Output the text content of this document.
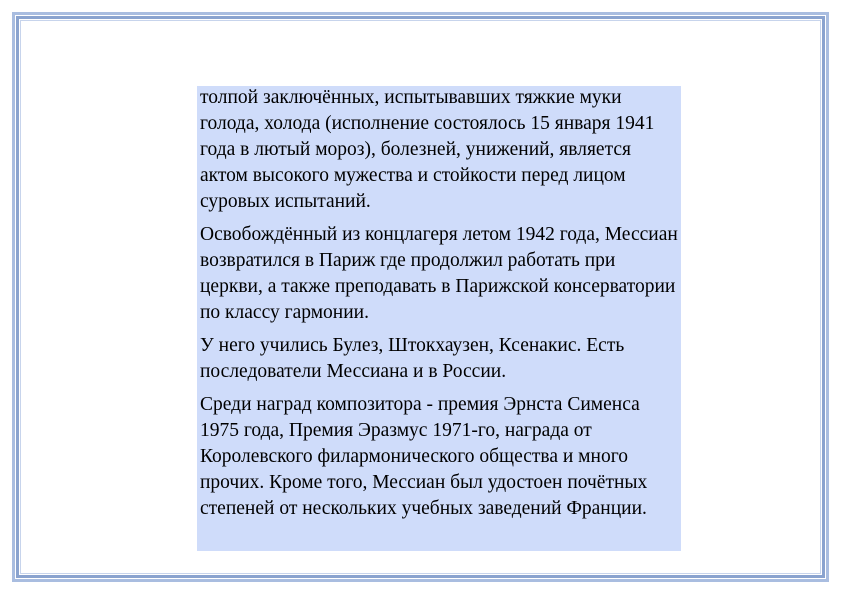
толпой заключённых, испытывавших тяжкие муки голода, холода (исполнение состоялось 15 января 1941 года в лютый мороз), болезней, унижений, является актом высокого мужества и стойкости перед лицом суровых испытаний.

Освобождённый из концлагеря летом 1942 года, Мессиан возвратился в Париж где продолжил работать при церкви, а также преподавать в Парижской консерватории по классу гармонии.

У него учились Булез, Штокхаузен, Ксенакис. Есть последователи Мессиана и в России.

Среди наград композитора - премия Эрнста Сименса 1975 года, Премия Эразмус 1971-го, награда от Королевского филармонического общества и много прочих. Кроме того, Мессиан был удостоен почётных степеней от нескольких учебных заведений Франции.
